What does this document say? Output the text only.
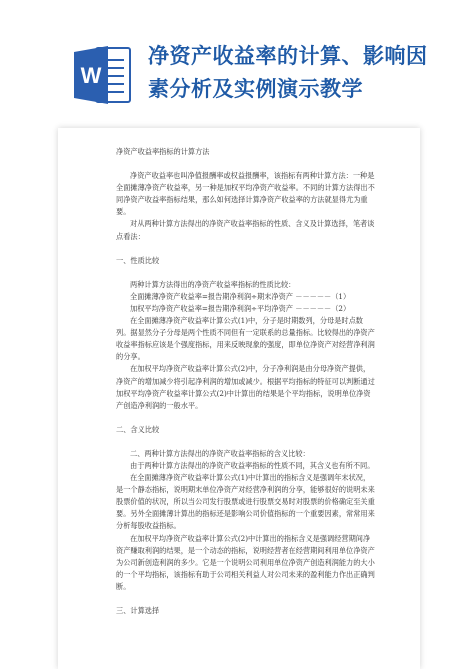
W
净资产收益率的计算、影响因
素分析及实例演示教学

净资产收益率指标的计算方法

净资产收益率也叫净值报酬率或权益报酬率，该指标有两种计算方法：一种是全面摊薄净资产收益率，另一种是加权平均净资产收益率。不同的计算方法得出不同净资产收益率指标结果，那么如何选择计算净资产收益率的方法就显得尤为重要。

对从两种计算方法得出的净资产收益率指标的性质、含义及计算选择，笔者谈点看法：

一、性质比较

两种计算方法得出的净资产收益率指标的性质比较：

全面摊薄净资产收益率=报告期净利润÷期末净资产 －－－－－（1）

加权平均净资产收益率=报告期净利润÷平均净资产 －－－－－（2）

在全面摊薄净资产收益率计算公式(1)中，分子是时期数列，分母是时点数列。据显然分子分母是两个性质不同但有一定联系的总量指标。比较得出的净资产收益率指标应该是个强度指标，用来反映现象的强度，即单位净资产对经营净利润的分享。

在加权平均净资产收益率计算公式(2)中，分子净利润是由分母净资产提供，净资产的增加减少将引起净利润的增加或减少。根据平均指标的特征可以判断通过加权平均净资产收益率计算公式(2)中计算出的结果是个平均指标，说明单位净资产创造净利润的一般水平。

二、含义比较

二、两种计算方法得出的净资产收益率指标的含义比较：

由于两种计算方法得出的净资产收益率指标的性质不同，其含义也有所不同。

在全面摊薄净资产收益率计算公式(1)中计算出的指标含义是强调年末状况，是一个静态指标，说明期末单位净资产对经营净利润的分享，能够很好的说明未来股票价值的状况，所以当公司发行股票或进行股票交易时对股票的价格确定至关重要。另外全面摊薄计算出的指标还是影响公司价值指标的一个重要因素，常常用来分析每股收益指标。

在加权平均净资产收益率计算公式(2)中计算出的指标含义是强调经营期间净资产赚取利润的结果，是一个动态的指标，说明经营者在经营期间利用单位净资产为公司新创造利润的多少。它是一个说明公司利用单位净资产创造利润能力的大小的一个平均指标，该指标有助于公司相关利益人对公司未来的盈利能力作出正确判断。

三、计算选择
